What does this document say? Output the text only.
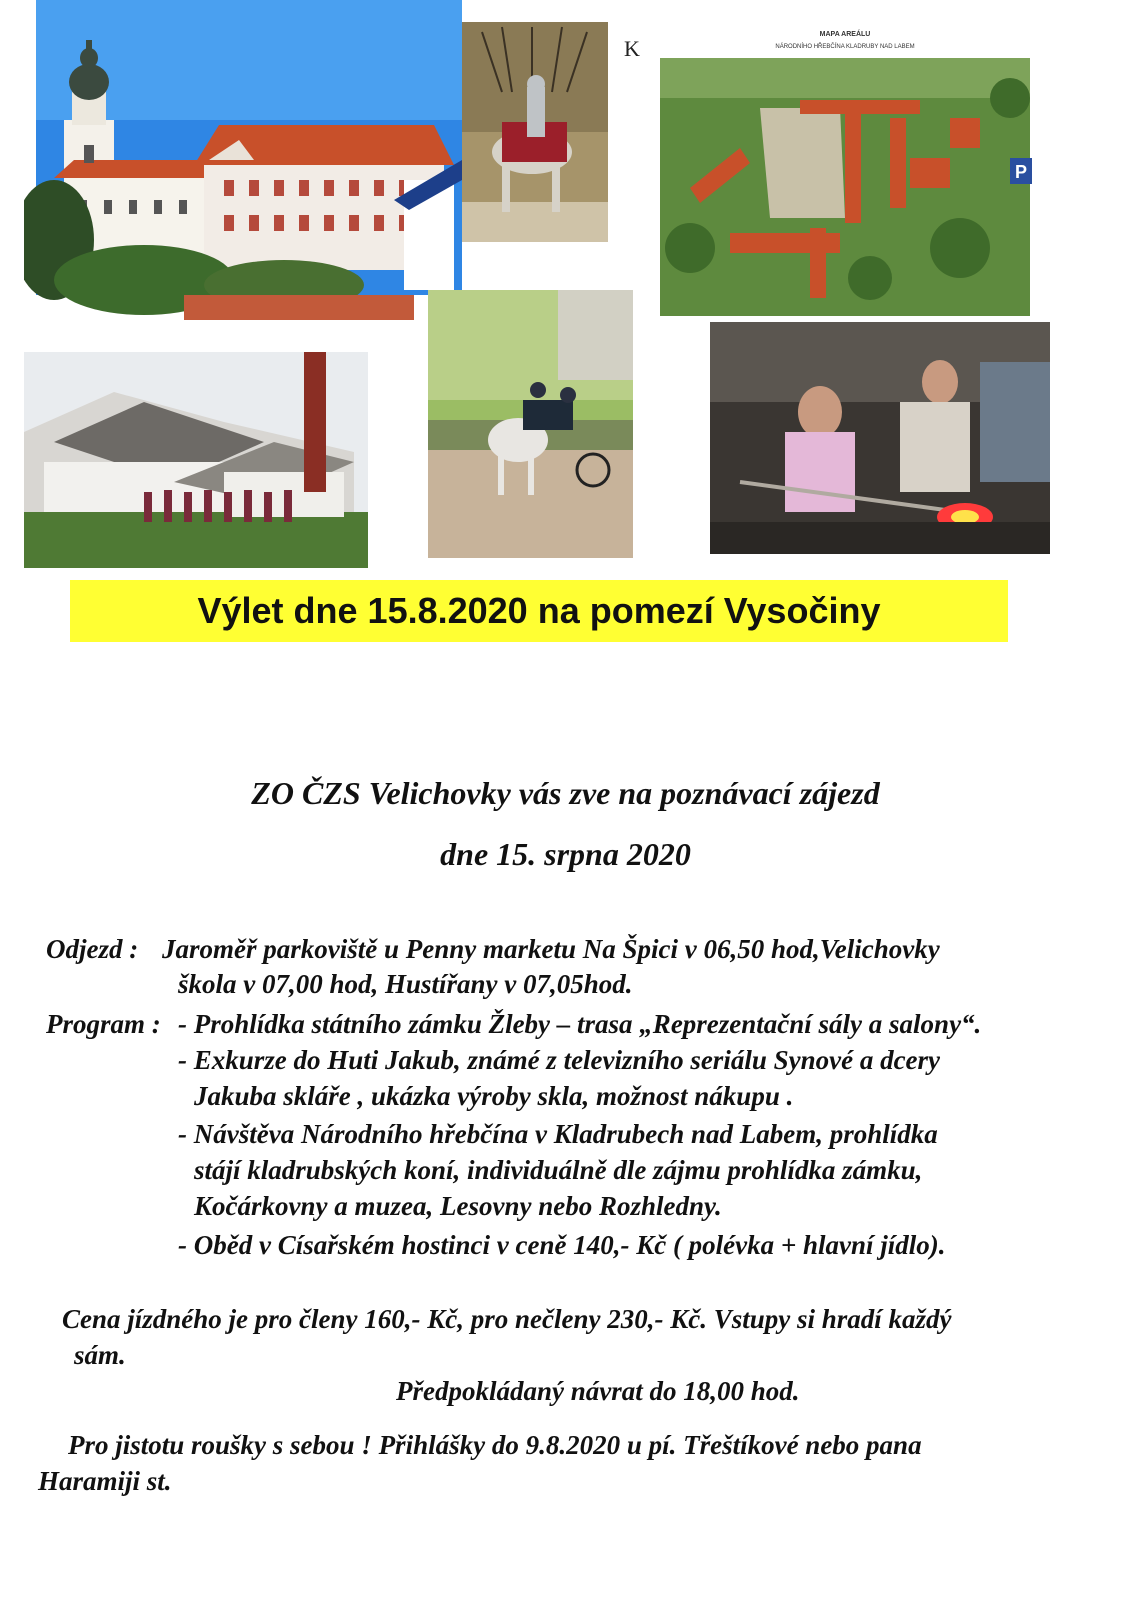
P
K
MAPA AREÁLU
NÁRODNÍHO HŘEBČÍNA KLADRUBY NAD LABEM
Výlet dne 15.8.2020 na pomezí Vysočiny
ZO ČZS Velichovky vás zve na poznávací zájezd
dne 15. srpna 2020
Odjezd : Jaroměř parkoviště u Penny marketu Na Špici v 06,50 hod,Velichovky
škola v 07,00 hod, Hustířany v 07,05hod.
Program : - Prohlídka státního zámku Žleby – trasa „Reprezentační sály a salony“.
- Exkurze do Huti Jakub, známé z televizního seriálu Synové a dcery
Jakuba skláře , ukázka výroby skla, možnost nákupu .
- Návštěva Národního hřebčína v Kladrubech nad Labem, prohlídka
stájí kladrubských koní, individuálně dle zájmu prohlídka zámku,
Kočárkovny a muzea, Lesovny nebo Rozhledny.
- Oběd v Císařském hostinci v ceně 140,- Kč ( polévka + hlavní jídlo).
Cena jízdného je pro členy 160,- Kč, pro nečleny 230,- Kč. Vstupy si hradí každý
sám.
Předpokládaný návrat do 18,00 hod.
Pro jistotu roušky s sebou ! Přihlášky do 9.8.2020 u pí. Třeštíkové nebo pana
Haramiji st.
